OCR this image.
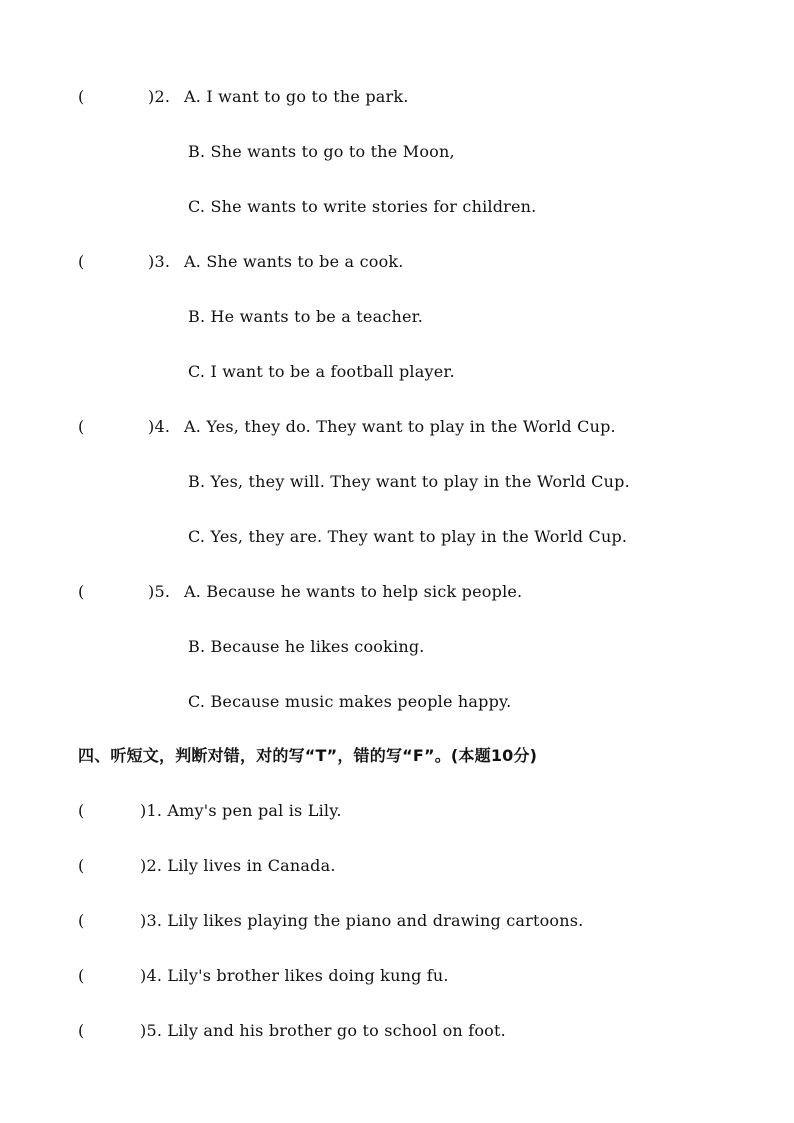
(	)2. A. I want to go to the park.
B. She wants to go to the Moon,
C. She wants to write stories for children.
(	)3. A. She wants to be a cook.
B. He wants to be a teacher.
C. I want to be a football player.
(	)4. A. Yes, they do. They want to play in the World Cup.
B. Yes, they will. They want to play in the World Cup.
C. Yes, they are. They want to play in the World Cup.
(	)5. A. Because he wants to help sick people.
B. Because he likes cooking.
C. Because music makes people happy.
四、听短文，判断对错，对的写“T”，错的写“F”。(本题10分)
(	)1. Amy's pen pal is Lily.
(	)2. Lily lives in Canada.
(	)3. Lily likes playing the piano and drawing cartoons.
(	)4. Lily's brother likes doing kung fu.
(	)5. Lily and his brother go to school on foot.
